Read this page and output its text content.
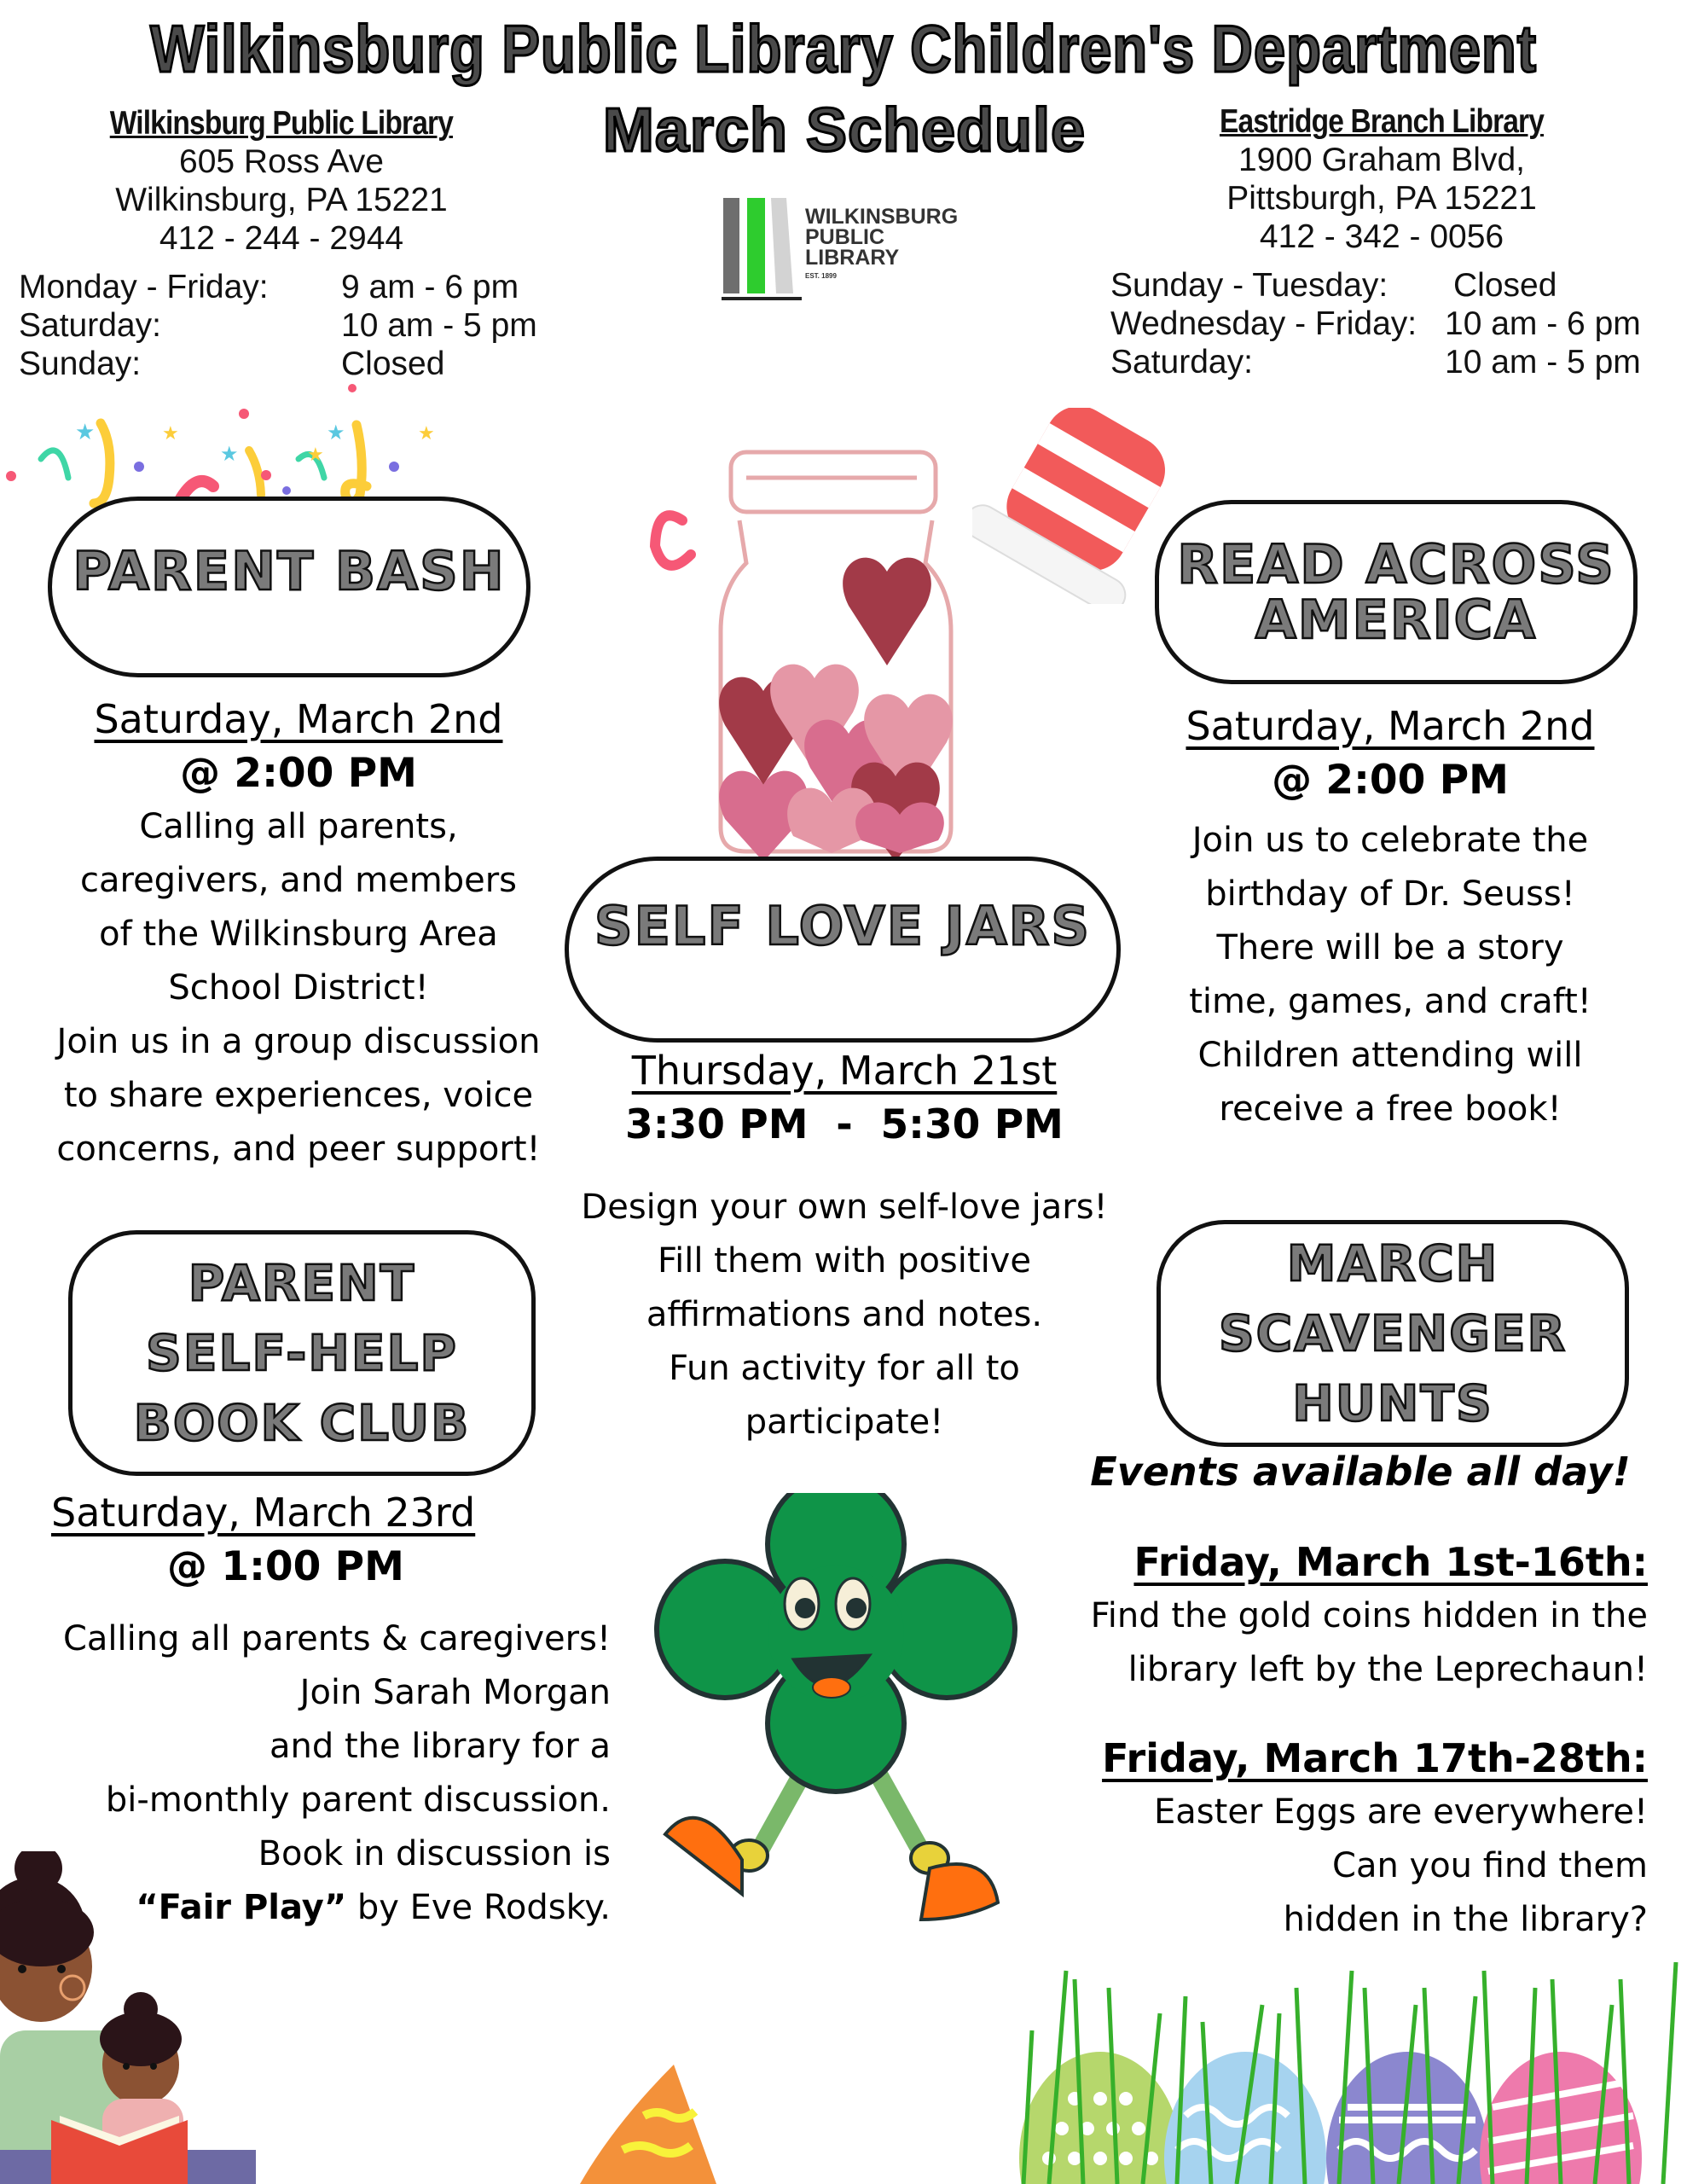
Wilkinsburg Public Library Children's Department
March Schedule
Wilkinsburg Public Library
605 Ross Ave
Wilkinsburg, PA 15221
412 - 244 - 2944
Monday - Friday:	9 am - 6 pm
Saturday:	10 am - 5 pm
Sunday:	Closed
WILKINSBURG
PUBLIC
LIBRARY
EST. 1899
Eastridge Branch Library
1900 Graham Blvd,
Pittsburgh, PA 15221
412 - 342 - 0056
Sunday - Tuesday:	Closed
Wednesday - Friday: 10 am - 6 pm
Saturday:	10 am - 5 pm
★	★
★
★	★
★
PARENT BASH
Saturday, March 2nd
@ 2:00 PM
Calling all parents,
caregivers, and members
of the Wilkinsburg Area
School District!
Join us in a group discussion
to share experiences, voice
concerns, and peer support!
READ ACROSS
AMERICA
Saturday, March 2nd
@ 2:00 PM
Join us to celebrate the
birthday of Dr. Seuss!
There will be a story
time, games, and craft!
Children attending will
receive a free book!
SELF LOVE JARS
Thursday, March 21st
3:30 PM  -  5:30 PM
Design your own self-love jars!
Fill them with positive
affirmations and notes.
Fun activity for all to
participate!
PARENT
SELF-HELP
BOOK CLUB
Saturday, March 23rd
@ 1:00 PM
Calling all parents & caregivers!
Join Sarah Morgan
and the library for a
bi-monthly parent discussion.
Book in discussion is
“Fair Play” by Eve Rodsky.
MARCH
SCAVENGER
HUNTS
Events available all day!
Friday, March 1st-16th:
Find the gold coins hidden in the
library left by the Leprechaun!
Friday, March 17th-28th:
Easter Eggs are everywhere!
Can you find them
hidden in the library?
